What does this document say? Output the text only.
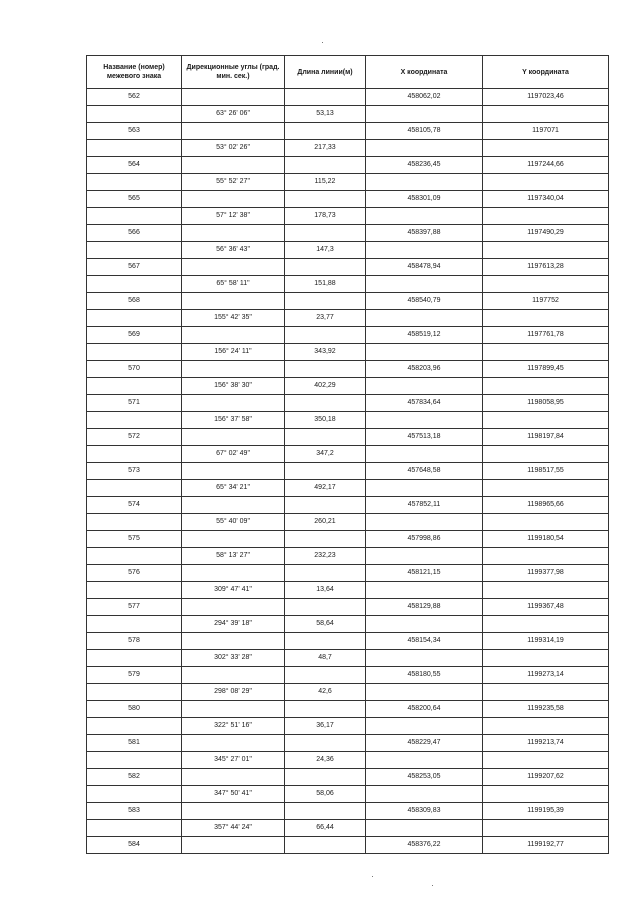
Название (номер) межевого знака	Дирекционные углы (град. мин. сек.)	Длина линии(м)	X координата	Y координата
562			458062,02	1197023,46
	63° 26' 06"	53,13		
563			458105,78	1197071
	53° 02' 26"	217,33		
564			458236,45	1197244,66
	55° 52' 27"	115,22		
565			458301,09	1197340,04
	57° 12' 38"	178,73		
566			458397,88	1197490,29
	56° 36' 43"	147,3		
567			458478,94	1197613,28
	65° 58' 11"	151,88		
568			458540,79	1197752
	155° 42' 35"	23,77		
569			458519,12	1197761,78
	156° 24' 11"	343,92		
570			458203,96	1197899,45
	156° 38' 30"	402,29		
571			457834,64	1198058,95
	156° 37' 58"	350,18		
572			457513,18	1198197,84
	67° 02' 49"	347,2		
573			457648,58	1198517,55
	65° 34' 21"	492,17		
574			457852,11	1198965,66
	55° 40' 09"	260,21		
575			457998,86	1199180,54
	58° 13' 27"	232,23		
576			458121,15	1199377,98
	309° 47' 41"	13,64		
577			458129,88	1199367,48
	294° 39' 18"	58,64		
578			458154,34	1199314,19
	302° 33' 28"	48,7		
579			458180,55	1199273,14
	298° 08' 29"	42,6		
580			458200,64	1199235,58
	322° 51' 16"	36,17		
581			458229,47	1199213,74
	345° 27' 01"	24,36		
582			458253,05	1199207,62
	347° 50' 41"	58,06		
583			458309,83	1199195,39
	357° 44' 24"	66,44		
584			458376,22	1199192,77
